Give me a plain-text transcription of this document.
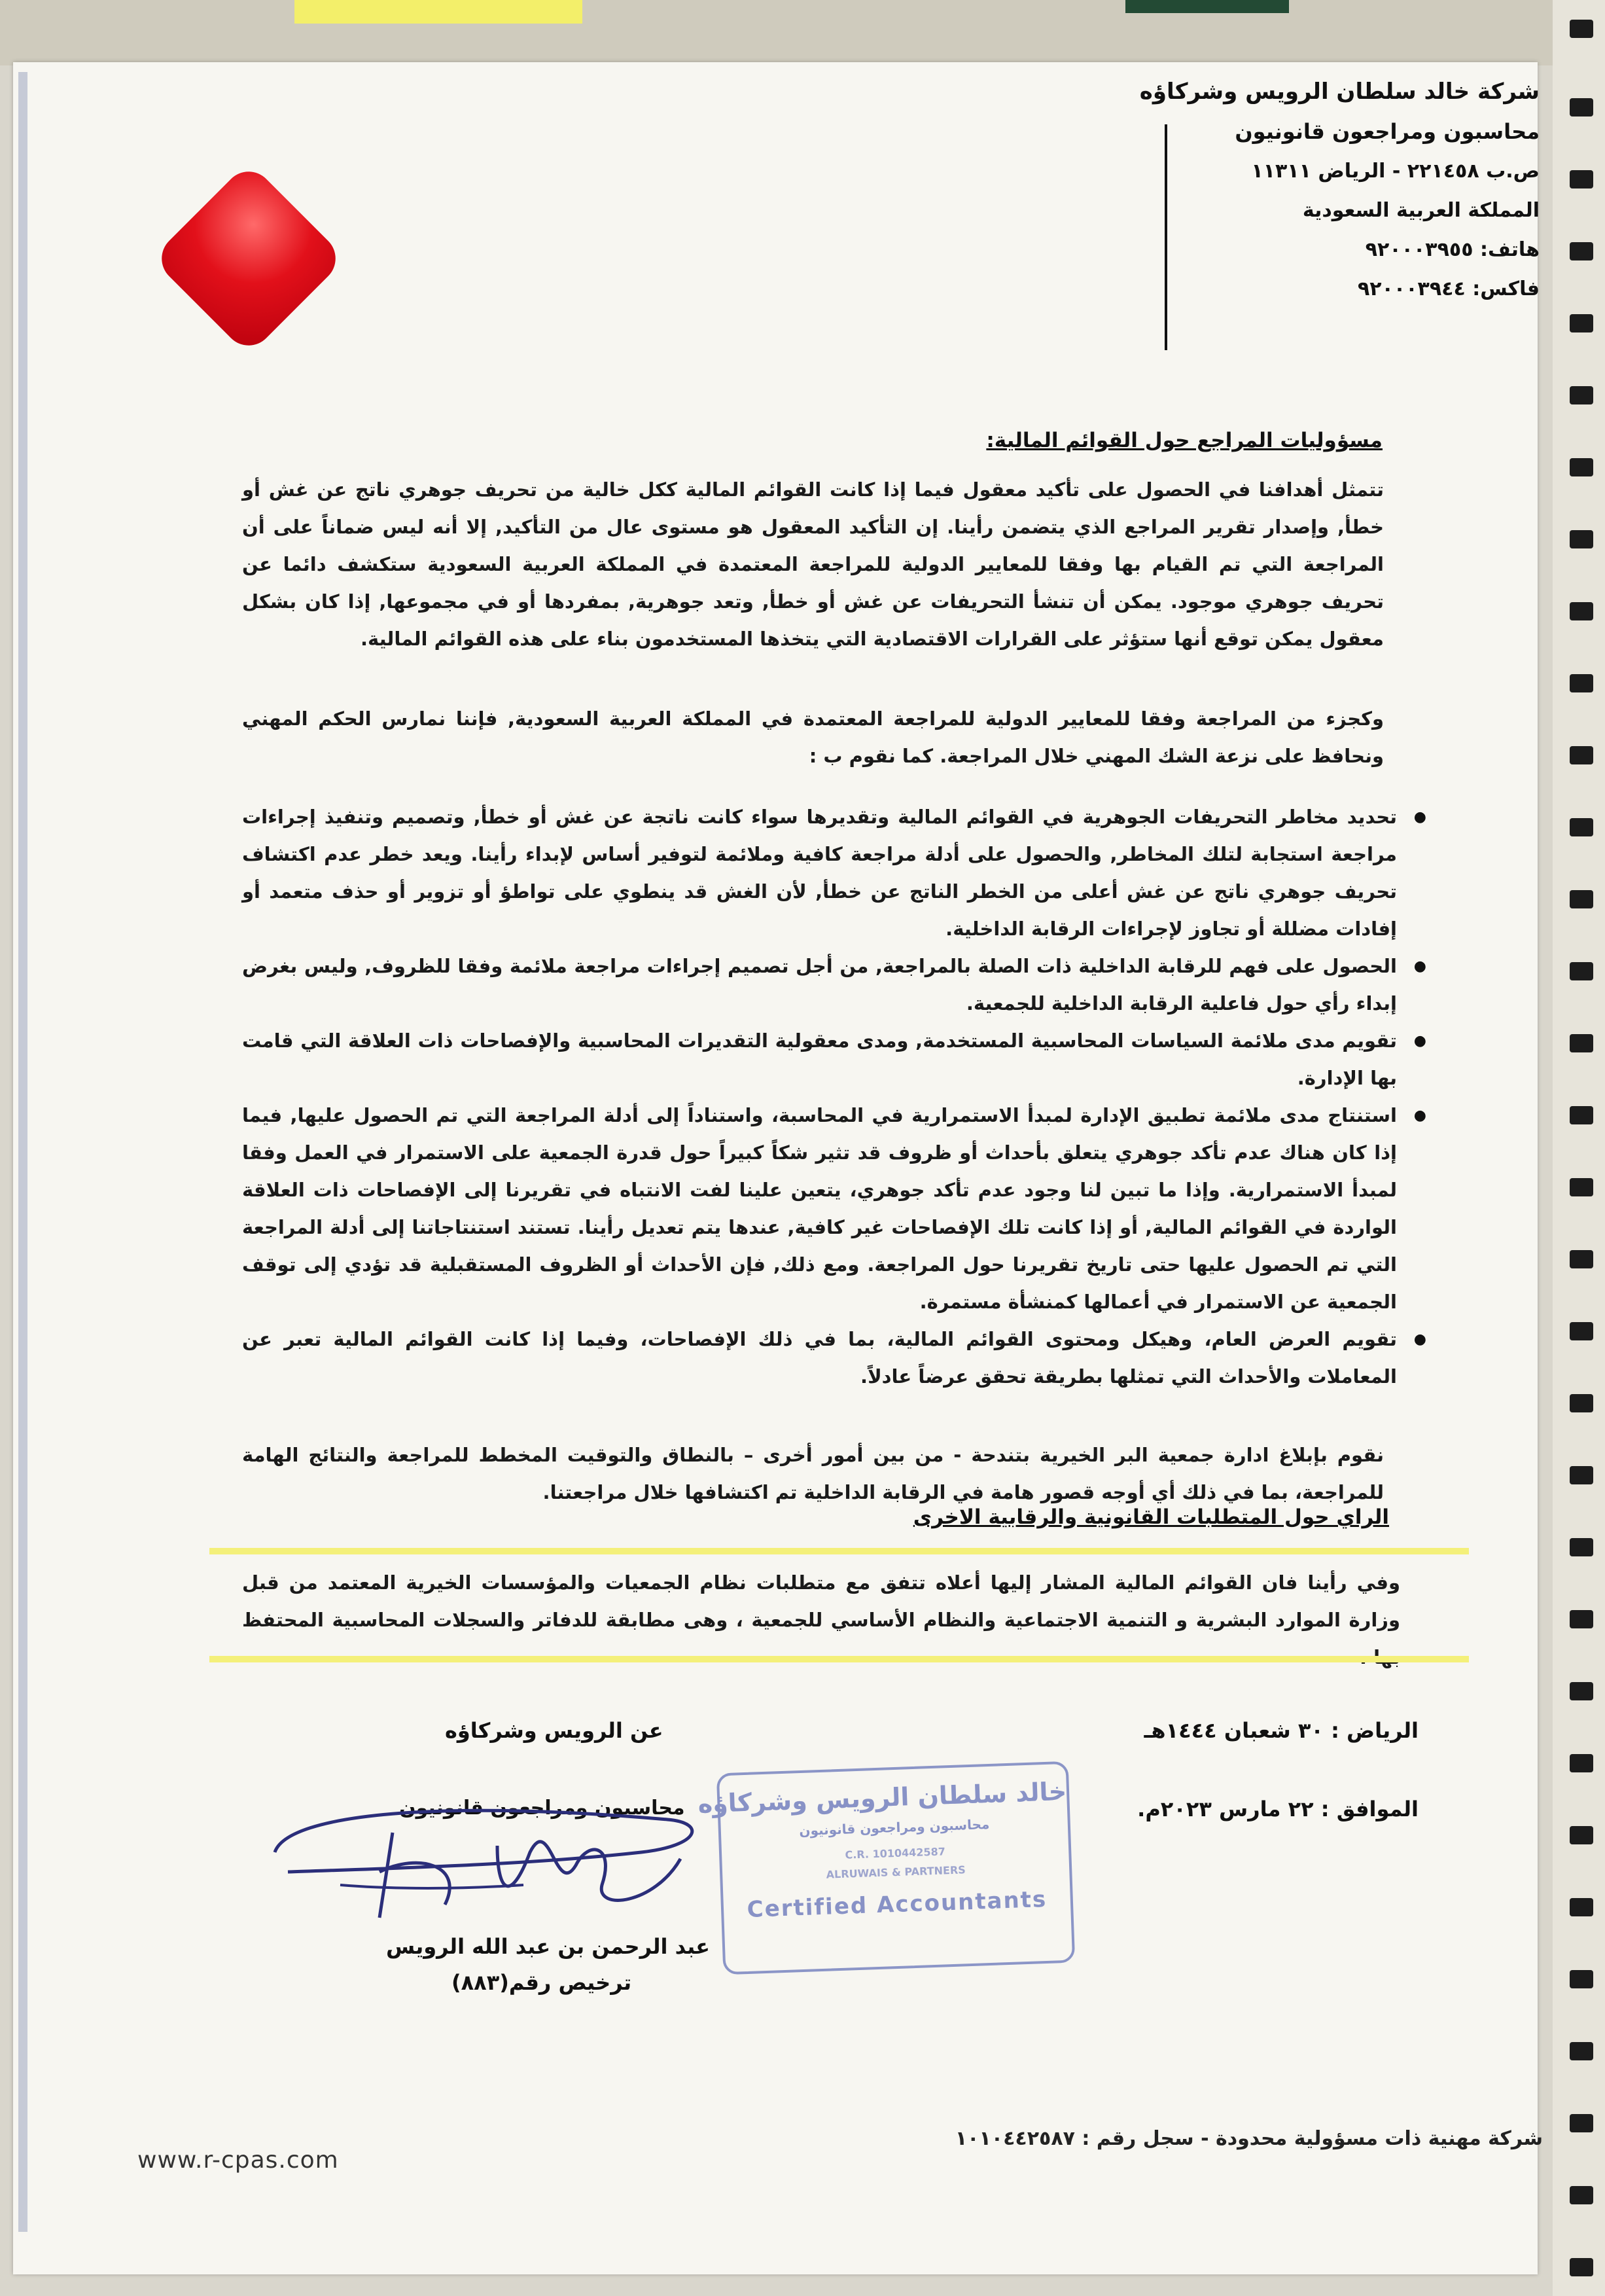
شركة خالد سلطان الرويس وشركاؤه
محاسبون ومراجعون قانونيون
ص.ب ٢٢١٤٥٨ - الرياض ١١٣١١
المملكة العربية السعودية
هاتف: ٩٢٠٠٠٣٩٥٥
فاكس: ٩٢٠٠٠٣٩٤٤
مسؤوليات المراجع حول القوائم المالية:
تتمثل أهدافنا في الحصول على تأكيد معقول فيما إذا كانت القوائم المالية ككل خالية من تحريف جوهري ناتج عن غش أو خطأ, وإصدار تقرير المراجع الذي يتضمن رأينا. إن التأكيد المعقول هو مستوى عال من التأكيد, إلا أنه ليس ضماناً على أن المراجعة التي تم القيام بها وفقا للمعايير الدولية للمراجعة المعتمدة في المملكة العربية السعودية ستكشف دائما عن تحريف جوهري موجود. يمكن أن تنشأ التحريفات عن غش أو خطأ, وتعد جوهرية, بمفردها أو في مجموعها, إذا كان بشكل معقول يمكن توقع أنها ستؤثر على القرارات الاقتصادية التي يتخذها المستخدمون بناء على هذه القوائم المالية.
وكجزء من المراجعة وفقا للمعايير الدولية للمراجعة المعتمدة في المملكة العربية السعودية, فإننا نمارس الحكم المهني ونحافظ على نزعة الشك المهني خلال المراجعة. كما نقوم ب :
● تحديد مخاطر التحريفات الجوهرية في القوائم المالية وتقديرها سواء كانت ناتجة عن غش أو خطأ, وتصميم وتنفيذ إجراءات مراجعة استجابة لتلك المخاطر, والحصول على أدلة مراجعة كافية وملائمة لتوفير أساس لإبداء رأينا. ويعد خطر عدم اكتشاف تحريف جوهري ناتج عن غش أعلى من الخطر الناتج عن خطأ, لأن الغش قد ينطوي على تواطؤ أو تزوير أو حذف متعمد أو إفادات مضللة أو تجاوز لإجراءات الرقابة الداخلية.
● الحصول على فهم للرقابة الداخلية ذات الصلة بالمراجعة, من أجل تصميم إجراءات مراجعة ملائمة وفقا للظروف, وليس بغرض إبداء رأي حول فاعلية الرقابة الداخلية للجمعية.
● تقويم مدى ملائمة السياسات المحاسبية المستخدمة, ومدى معقولية التقديرات المحاسبية والإفصاحات ذات العلاقة التي قامت بها الإدارة.
● استنتاج مدى ملائمة تطبيق الإدارة لمبدأ الاستمرارية في المحاسبة، واستناداً إلى أدلة المراجعة التي تم الحصول عليها, فيما إذا كان هناك عدم تأكد جوهري يتعلق بأحداث أو ظروف قد تثير شكاً كبيراً حول قدرة الجمعية على الاستمرار في العمل وفقا لمبدأ الاستمرارية. وإذا ما تبين لنا وجود عدم تأكد جوهري، يتعين علينا لفت الانتباه في تقريرنا إلى الإفصاحات ذات العلاقة الواردة في القوائم المالية, أو إذا كانت تلك الإفصاحات غير كافية, عندها يتم تعديل رأينا. تستند استنتاجاتنا إلى أدلة المراجعة التي تم الحصول عليها حتى تاريخ تقريرنا حول المراجعة. ومع ذلك, فإن الأحداث أو الظروف المستقبلية قد تؤدي إلى توقف الجمعية عن الاستمرار في أعمالها كمنشأة مستمرة.
● تقويم العرض العام، وهيكل ومحتوى القوائم المالية، بما في ذلك الإفصاحات، وفيما إذا كانت القوائم المالية تعبر عن المعاملات والأحداث التي تمثلها بطريقة تحقق عرضاً عادلاً.
نقوم بإبلاغ ادارة جمعية البر الخيرية بتندحة - من بين أمور أخرى – بالنطاق والتوقيت المخطط للمراجعة والنتائج الهامة للمراجعة، بما في ذلك أي أوجه قصور هامة في الرقابة الداخلية تم اكتشافها خلال مراجعتنا.
الراي حول المتطلبات القانونية والرقابية الاخرى
وفي رأينا فان القوائم المالية المشار إليها أعلاه تتفق مع متطلبات نظام الجمعيات والمؤسسات الخيرية المعتمد من قبل وزارة الموارد البشرية و التنمية الاجتماعية والنظام الأساسي للجمعية ، وهى مطابقة للدفاتر والسجلات المحاسبية المحتفظ
الرياض : ٣٠ شعبان ١٤٤٤هـ
الموافق : ٢٢ مارس ٢٠٢٣م.
عن الرويس وشركاؤه
محاسبون ومراجعون قانونيون خالد سلطان الرويس وشركاؤه
محاسبون ومراجعون قانونيون
C.R. 1010442587
ALRUWAIS & PARTNERS
Certified Accountants
عبد الرحمن بن عبد الله الرويس
ترخيص رقم(٨٨٣)
شركة مهنية ذات مسؤولية محدودة - سجل رقم : ١٠١٠٤٤٢٥٨٧
www.r-cpas.com
